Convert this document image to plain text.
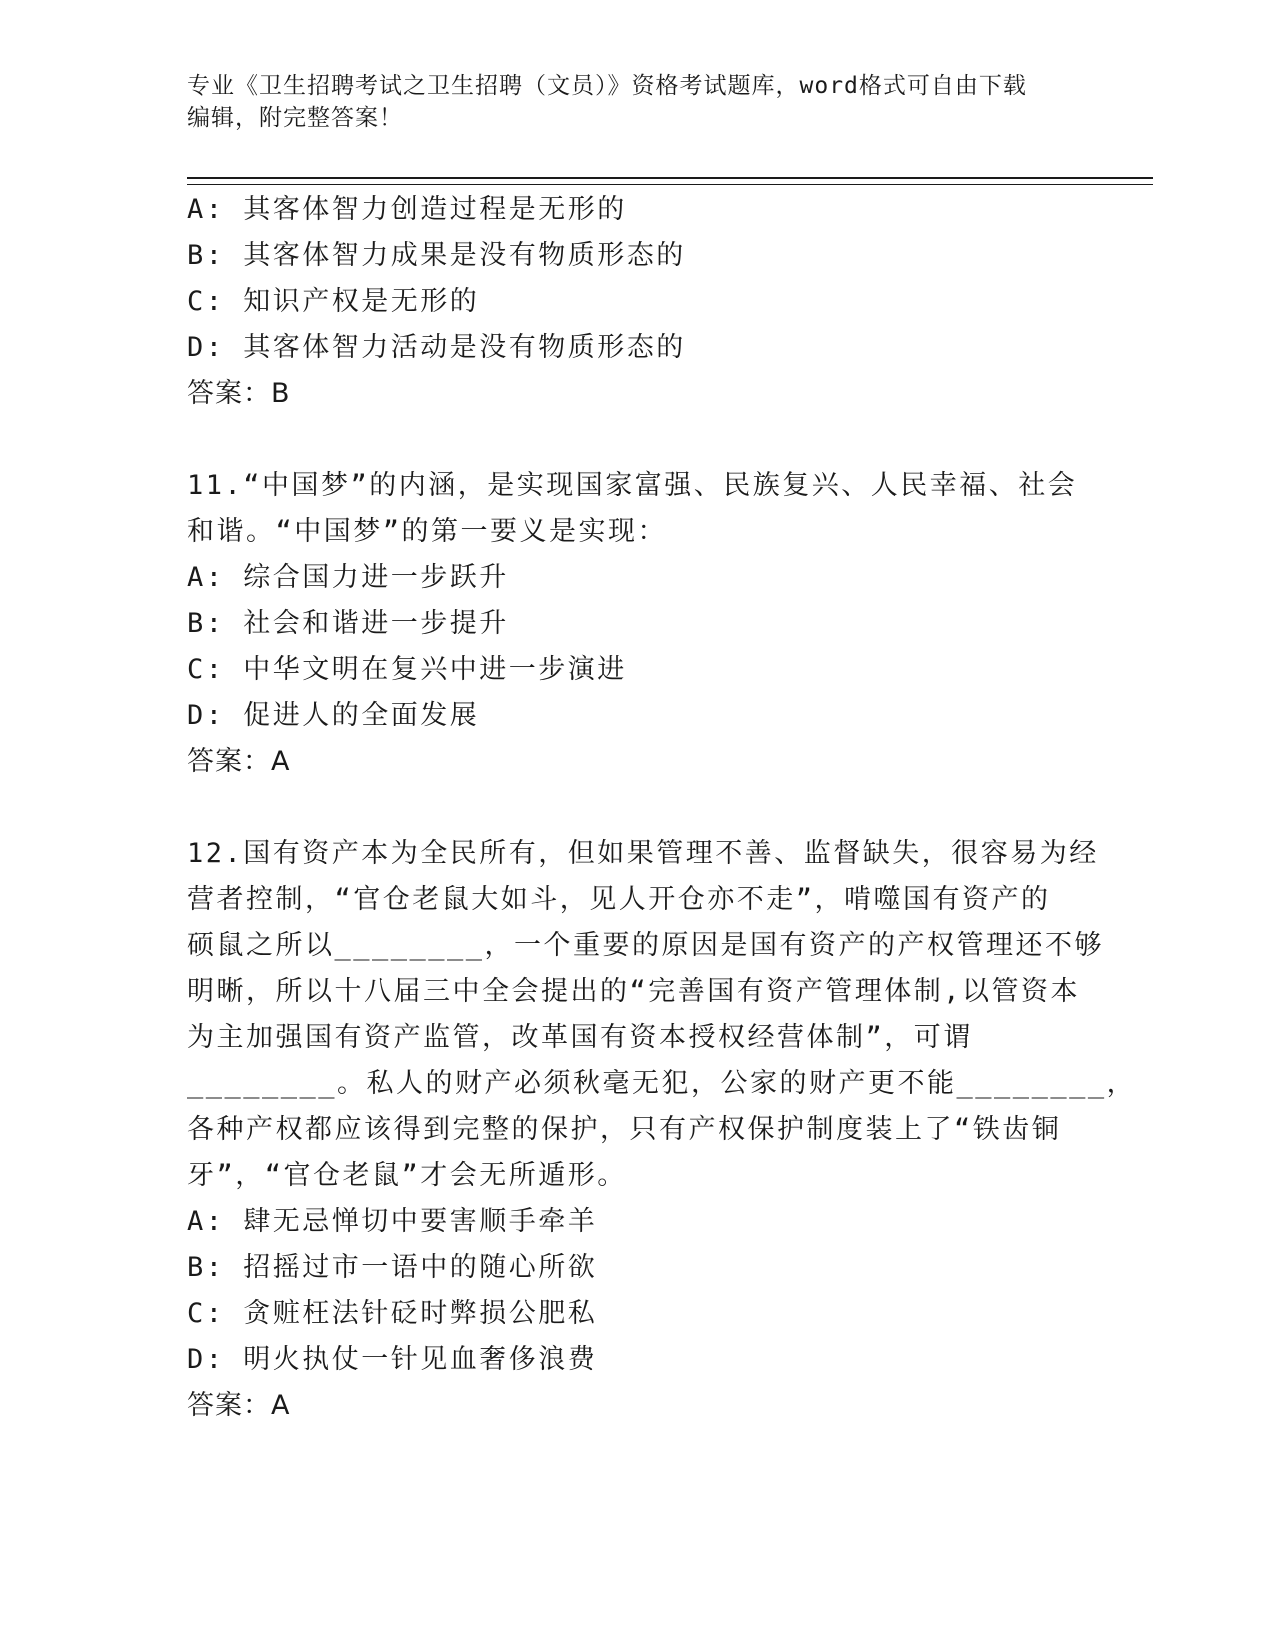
专业《卫生招聘考试之卫生招聘（文员）》资格考试题库，word格式可自由下载
编辑，附完整答案！
A: 其客体智力创造过程是无形的
B: 其客体智力成果是没有物质形态的
C: 知识产权是无形的
D: 其客体智力活动是没有物质形态的
答案：B
11.“中国梦”的内涵，是实现国家富强、民族复兴、人民幸福、社会
和谐。“中国梦”的第一要义是实现：
A: 综合国力进一步跃升
B: 社会和谐进一步提升
C: 中华文明在复兴中进一步演进
D: 促进人的全面发展
答案：A
12.国有资产本为全民所有，但如果管理不善、监督缺失，很容易为经
营者控制，“官仓老鼠大如斗，见人开仓亦不走”，啃噬国有资产的
硕鼠之所以________，一个重要的原因是国有资产的产权管理还不够
明晰，所以十八届三中全会提出的“完善国有资产管理体制,以管资本
为主加强国有资产监管，改革国有资本授权经营体制”，可谓
________。私人的财产必须秋毫无犯，公家的财产更不能________，
各种产权都应该得到完整的保护，只有产权保护制度装上了“铁齿铜
牙”，“官仓老鼠”才会无所遁形。
A: 肆无忌惮切中要害顺手牵羊
B: 招摇过市一语中的随心所欲
C: 贪赃枉法针砭时弊损公肥私
D: 明火执仗一针见血奢侈浪费
答案：A
